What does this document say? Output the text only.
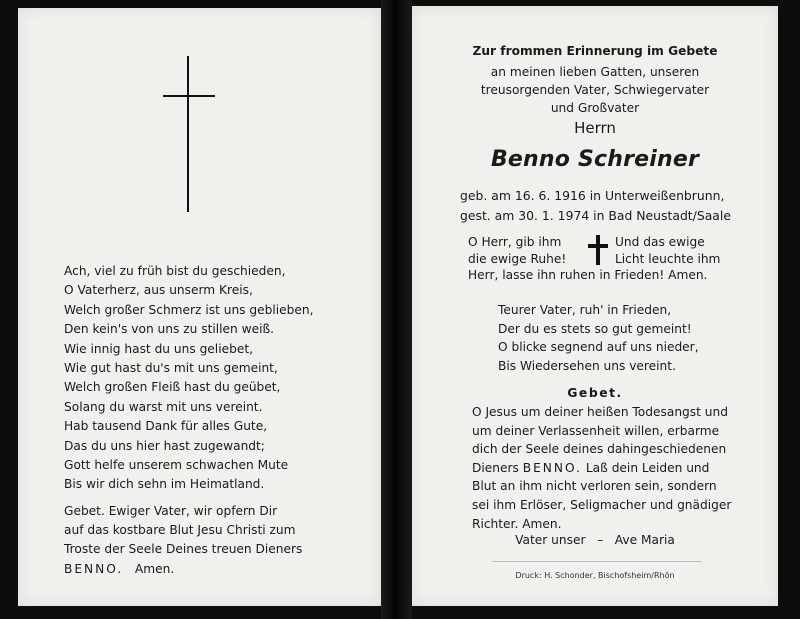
Ach, viel zu früh bist du geschieden,
O Vaterherz, aus unserm Kreis,
Welch großer Schmerz ist uns geblieben,
Den kein's von uns zu stillen weiß.
Wie innig hast du uns geliebet,
Wie gut hast du's mit uns gemeint,
Welch großen Fleiß hast du geübet,
Solang du warst mit uns vereint.
Hab tausend Dank für alles Gute,
Das du uns hier hast zugewandt;
Gott helfe unserem schwachen Mute
Bis wir dich sehn im Heimatland.
Gebet. Ewiger Vater, wir opfern Dir
auf das kostbare Blut Jesu Christi zum
Troste der Seele Deines treuen Dieners
BENNO. Amen.
Zur frommen Erinnerung im Gebete
an meinen lieben Gatten, unseren
treusorgenden Vater, Schwiegervater
und Großvater
Herrn
Benno Schreiner
geb. am 16. 6. 1916 in Unterweißenbrunn,
gest. am 30. 1. 1974 in Bad Neustadt/Saale
O Herr, gib ihm
die ewige Ruhe!
Und das ewige
Licht leuchte ihm
Herr, lasse ihn ruhen in Frieden! Amen.
Teurer Vater, ruh' in Frieden,
Der du es stets so gut gemeint!
O blicke segnend auf uns nieder,
Bis Wiedersehen uns vereint.
Gebet.
O Jesus um deiner heißen Todesangst und
um deiner Verlassenheit willen, erbarme
dich der Seele deines dahingeschiedenen
Dieners BENNO. Laß dein Leiden und
Blut an ihm nicht verloren sein, sondern
sei ihm Erlöser, Seligmacher und gnädiger
Richter. Amen.
Vater unser   –   Ave Maria
Druck: H. Schonder, Bischofsheim/Rhön
